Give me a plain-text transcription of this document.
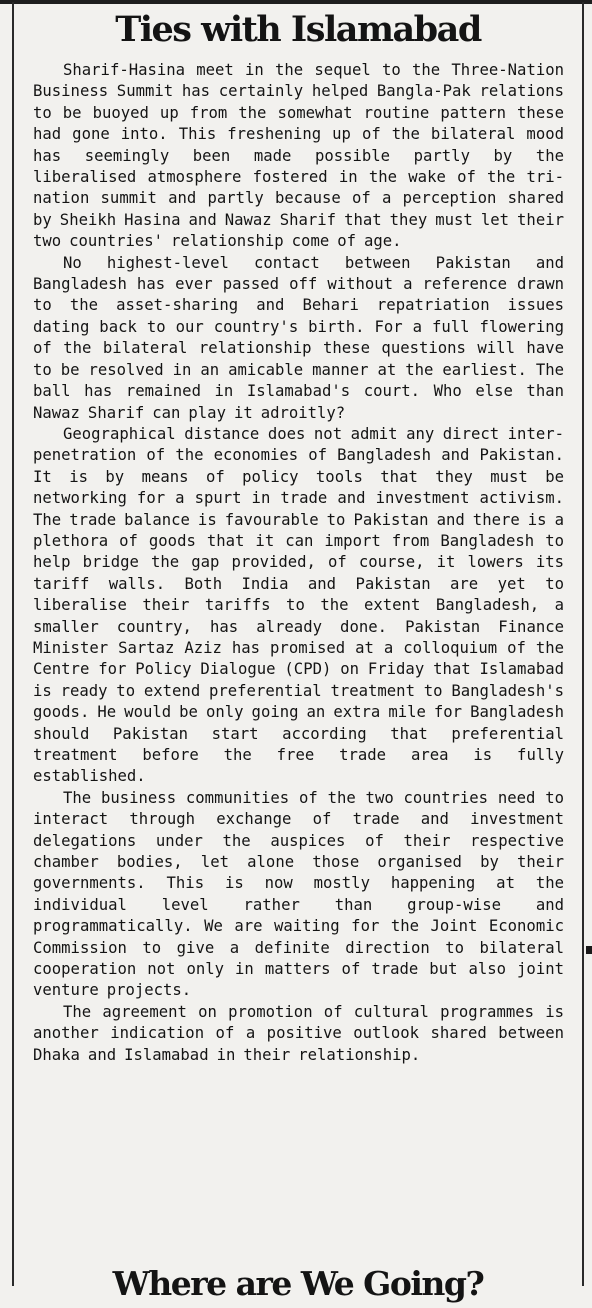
Ties with Islamabad

Sharif-Hasina meet in the sequel to the Three-Nation Business Summit has certainly helped Bangla-Pak relations to be buoyed up from the somewhat routine pattern these had gone into. This freshening up of the bilateral mood has seemingly been made possible partly by the liberalised atmosphere fostered in the wake of the tri-nation summit and partly because of a perception shared by Sheikh Hasina and Nawaz Sharif that they must let their two countries' relationship come of age.

No highest-level contact between Pakistan and Bangladesh has ever passed off without a reference drawn to the asset-sharing and Behari repatriation issues dating back to our country's birth. For a full flowering of the bilateral relationship these questions will have to be resolved in an amicable manner at the earliest. The ball has remained in Islamabad's court. Who else than Nawaz Sharif can play it adroitly?

Geographical distance does not admit any direct inter-penetration of the economies of Bangladesh and Pakistan. It is by means of policy tools that they must be networking for a spurt in trade and investment activism. The trade balance is favourable to Pakistan and there is a plethora of goods that it can import from Bangladesh to help bridge the gap provided, of course, it lowers its tariff walls. Both India and Pakistan are yet to liberalise their tariffs to the extent Bangladesh, a smaller country, has already done. Pakistan Finance Minister Sartaz Aziz has promised at a colloquium of the Centre for Policy Dialogue (CPD) on Friday that Islamabad is ready to extend preferential treatment to Bangladesh's goods. He would be only going an extra mile for Bangladesh should Pakistan start according that preferential treatment before the free trade area is fully established.

The business communities of the two countries need to interact through exchange of trade and investment delegations under the auspices of their respective chamber bodies, let alone those organised by their governments. This is now mostly happening at the individual level rather than group-wise and programmatically. We are waiting for the Joint Economic Commission to give a definite direction to bilateral cooperation not only in matters of trade but also joint venture projects.

The agreement on promotion of cultural programmes is another indication of a positive outlook shared between Dhaka and Islamabad in their relationship.

Where are We Going?
